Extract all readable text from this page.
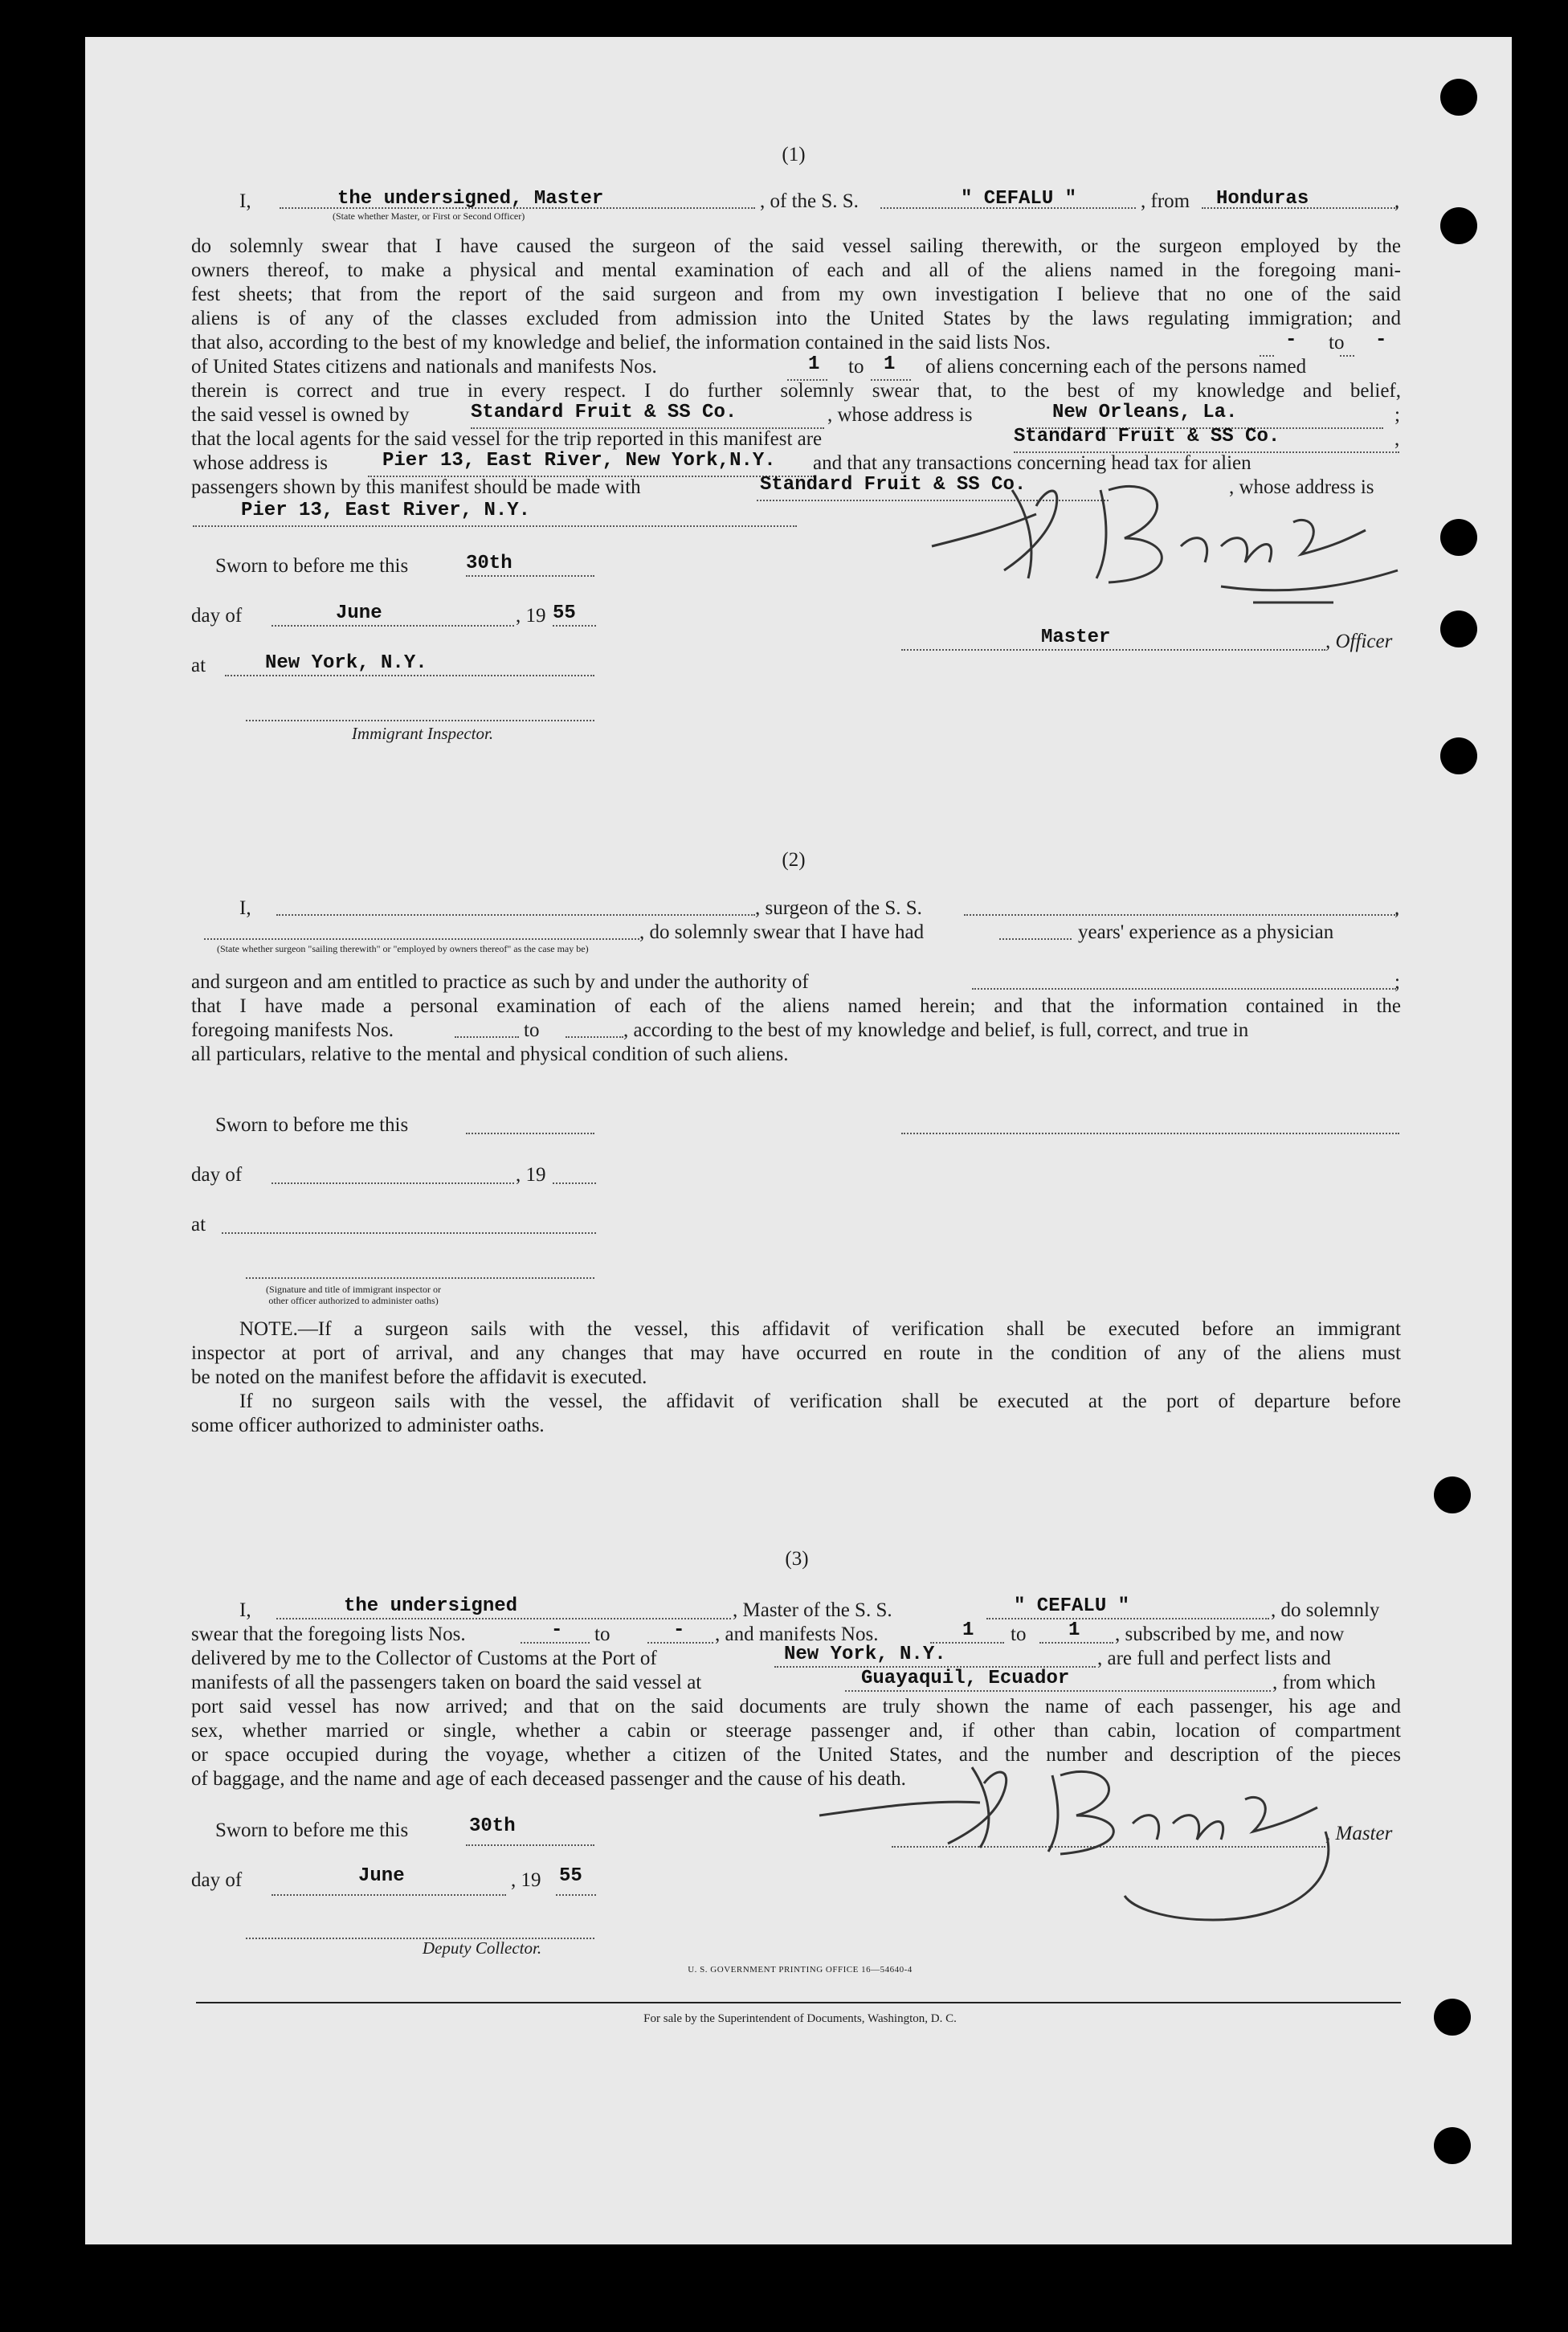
(1)
I,	the undersigned, Master	, of the S. S.	" CEFALU "	, from Honduras	,
(State whether Master, or First or Second Officer)
do solemnly swear that I have caused the surgeon of the said vessel sailing therewith, or the surgeon employed by the
owners thereof, to make a physical and mental examination of each and all of the aliens named in the foregoing mani-
fest sheets; that from the report of the said surgeon and from my own investigation I believe that no one of the said
aliens is of any of the classes excluded from admission into the United States by the laws regulating immigration; and
that also, according to the best of my knowledge and belief, the information contained in the said lists Nos.	- to -
of United States citizens and nationals and manifests Nos.	1 to 1 of aliens concerning each of the persons named
therein is correct and true in every respect. I do further solemnly swear that, to the best of my knowledge and belief,
the said vessel is owned by	Standard Fruit & SS Co.	, whose address is	New Orleans, La.	;
that the local agents for the said vessel for the trip reported in this manifest are	Standard Fruit & SS Co.	,
whose address is	Pier 13, East River, New York,N.Y. and that any transactions concerning head tax for alien
passengers shown by this manifest should be made with	Standard Fruit & SS Co.	, whose address is
Pier 13, East River, N.Y.
Sworn to before me this	30th
day of	June	, 19 55
at	New York, N.Y.
Immigrant Inspector.
Master	, Officer
(2)
I,	, surgeon of the S. S.	,
, do solemnly swear that I have had	years' experience as a physician
(State whether surgeon "sailing therewith" or "employed by owners thereof" as the case may be)
and surgeon and am entitled to practice as such by and under the authority of	;
that I have made a personal examination of each of the aliens named herein; and that the information contained in the
foregoing manifests Nos.	to	, according to the best of my knowledge and belief, is full, correct, and true in
all particulars, relative to the mental and physical condition of such aliens.
Sworn to before me this
day of	, 19
at
(Signature and title of immigrant inspector or
other officer authorized to administer oaths)
NOTE.—If a surgeon sails with the vessel, this affidavit of verification shall be executed before an immigrant
inspector at port of arrival, and any changes that may have occurred en route in the condition of any of the aliens must
be noted on the manifest before the affidavit is executed.
If no surgeon sails with the vessel, the affidavit of verification shall be executed at the port of departure before
some officer authorized to administer oaths.
(3)
I,	the undersigned	, Master of the S. S.	" CEFALU "	, do solemnly
swear that the foregoing lists Nos.	- to	- , and manifests Nos.	1 to 1 , subscribed by me, and now
delivered by me to the Collector of Customs at the Port of	New York, N.Y.	, are full and perfect lists and
manifests of all the passengers taken on board the said vessel at	Guayaquil, Ecuador	, from which
port said vessel has now arrived; and that on the said documents are truly shown the name of each passenger, his age and
sex, whether married or single, whether a cabin or steerage passenger and, if other than cabin, location of compartment
or space occupied during the voyage, whether a citizen of the United States, and the number and description of the pieces
of baggage, and the name and age of each deceased passenger and the cause of his death.
Sworn to before me this	30th	, Master
day of	June	, 19 55
Deputy Collector.
U. S. GOVERNMENT PRINTING OFFICE 16—54640-4
For sale by the Superintendent of Documents, Washington, D. C.
